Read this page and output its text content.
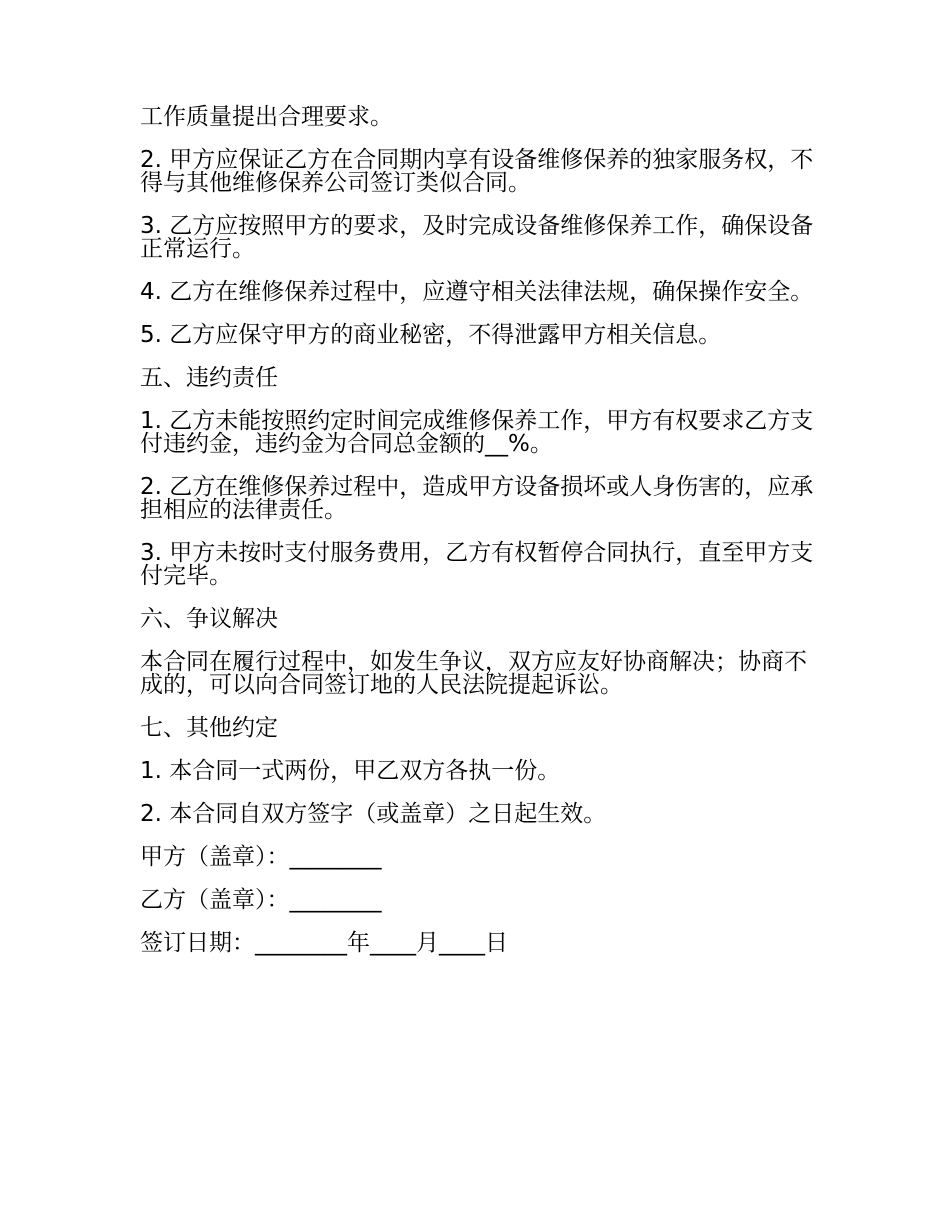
工作质量提出合理要求。

2. 甲方应保证乙方在合同期内享有设备维修保养的独家服务权，不得与其他维修保养公司签订类似合同。

3. 乙方应按照甲方的要求，及时完成设备维修保养工作，确保设备正常运行。

4. 乙方在维修保养过程中，应遵守相关法律法规，确保操作安全。

5. 乙方应保守甲方的商业秘密，不得泄露甲方相关信息。

五、违约责任

1. 乙方未能按照约定时间完成维修保养工作，甲方有权要求乙方支付违约金，违约金为合同总金额的__%。

2. 乙方在维修保养过程中，造成甲方设备损坏或人身伤害的，应承担相应的法律责任。

3. 甲方未按时支付服务费用，乙方有权暂停合同执行，直至甲方支付完毕。

六、争议解决

本合同在履行过程中，如发生争议，双方应友好协商解决；协商不成的，可以向合同签订地的人民法院提起诉讼。

七、其他约定

1. 本合同一式两份，甲乙双方各执一份。

2. 本合同自双方签字（或盖章）之日起生效。

甲方（盖章）：________

乙方（盖章）：________

签订日期：________年____月____日
